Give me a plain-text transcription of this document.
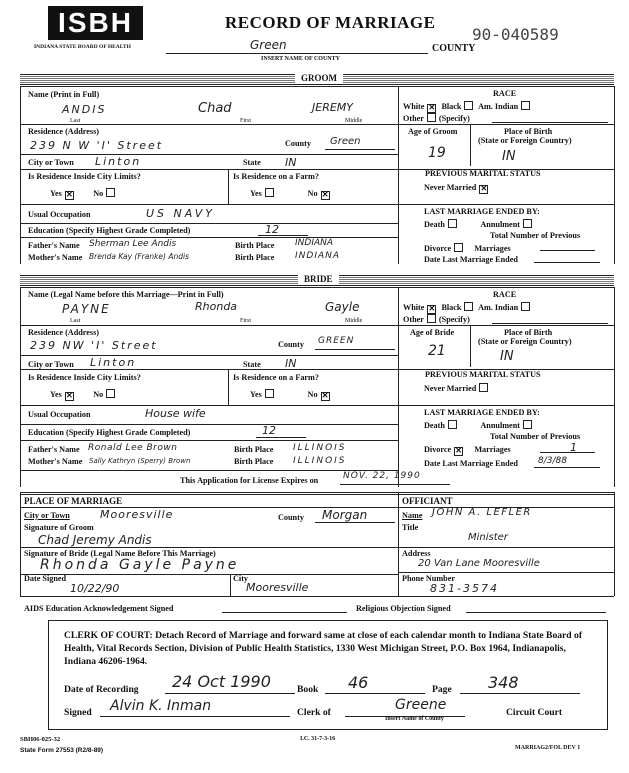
ISBH
INDIANA STATE BOARD OF HEALTH
RECORD OF MARRIAGE
90-040589
Green	COUNTY
INSERT NAME OF COUNTY
GROOM
Name (Print in Full)
ANDIS	Chad	JEREMY
Last	First	Middle
RACE
White ✕ Black Am. Indian
Other (Specify)
Residence (Address)
239 N W 'I' Street	County Green
City or Town Linton	State IN
Age of Groom
19
Place of Birth
(State or Foreign Country)
IN
Is Residence Inside City Limits?
Yes ✕	No
Is Residence on a Farm?
Yes	No ✕
PREVIOUS MARITAL STATUS
Never Married ✕
Usual Occupation	US NAVY	LAST MARRIAGE ENDED BY:
Death	Annulment
Total Number of Previous
Education (Specify Highest Grade Completed)	12
Father's Name Sherman Lee Andis	Birth Place INDIANA
Mother's Name Brenda Kay (Franke) Andis	Birth Place INDIANA
Divorce	Marriages
Date Last Marriage Ended
BRIDE
Name (Legal Name before this Marriage—Print in Full)
PAYNE	Rhonda	Gayle
Last	First	Middle
RACE
White ✕ Black Am. Indian
Other (Specify)
Residence (Address)
239 NW 'I' Street	County GREEN
City or Town Linton	State IN
Age of Bride
21
Place of Birth
(State or Foreign Country)
IN
Is Residence Inside City Limits?
Yes ✕	No
Is Residence on a Farm?
Yes	No ✕
PREVIOUS MARITAL STATUS
Never Married
Usual Occupation	House wife	LAST MARRIAGE ENDED BY:
Death	Annulment
Total Number of Previous
Education (Specify Highest Grade Completed)	12
Father's Name Ronald Lee Brown	Birth Place ILLINOIS
Mother's Name Sally Kathryn (Sperry) Brown	Birth Place ILLINOIS
Divorce ✕ Marriages	1
Date Last Marriage Ended 8/3/88
This Application for License Expires on	NOV. 22, 1990
PLACE OF MARRIAGE
City or Town	Mooresville	County Morgan
Signature of Groom
Chad Jeremy Andis
Signature of Bride (Legal Name Before This Marriage)
Rhonda Gayle Payne
Date Signed
10/22/90
City
Mooresville
OFFICIANT
Name JOHN A. LEFLER
Title
Minister
Address
20 Van Lane Mooresville
Phone Number
831-3574
AIDS Education Acknowledgement Signed	Religious Objection Signed
CLERK OF COURT: Detach Record of Marriage and forward same at close of each calendar month to Indiana State Board of Health, Vital Records Section, Division of Public Health Statistics, 1330 West Michigan Street, P.O. Box 1964, Indianapolis, Indiana 46206-1964.
Date of Recording 24 Oct 1990	Book 46	Page 348
Signed Alvin K. Inman	Clerk of	Greene
Insert Name of County
Circuit Court
SBH06-025-32
State Form 27553 (R2/8-89)
I.C. 31-7-3-16
MARRIAG2/FOL DEV 1
